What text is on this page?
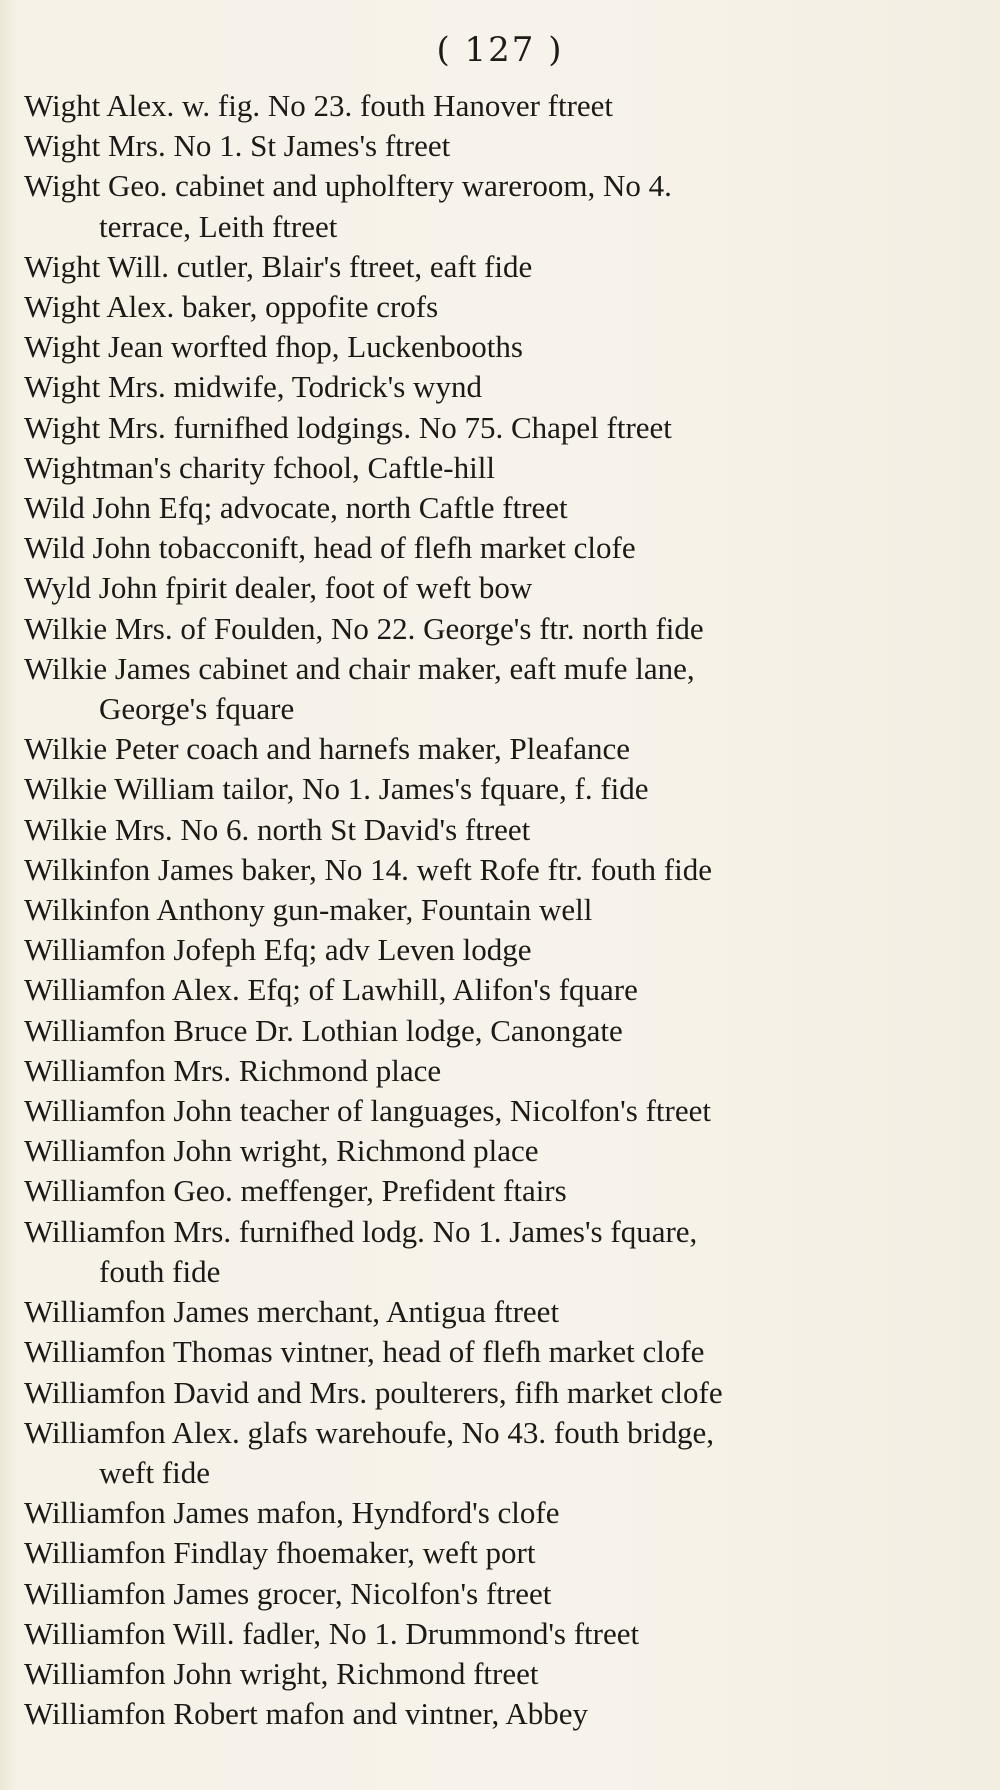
( 127 )
Wight Alex. w. fig. No 23. fouth Hanover ftreet
Wight Mrs. No 1. St James's ftreet
Wight Geo. cabinet and upholftery wareroom, No 4.
terrace, Leith ftreet
Wight Will. cutler, Blair's ftreet, eaft fide
Wight Alex. baker, oppofite crofs
Wight Jean worfted fhop, Luckenbooths
Wight Mrs. midwife, Todrick's wynd
Wight Mrs. furnifhed lodgings. No 75. Chapel ftreet
Wightman's charity fchool, Caftle-hill
Wild John Efq; advocate, north Caftle ftreet
Wild John tobacconift, head of flefh market clofe
Wyld John fpirit dealer, foot of weft bow
Wilkie Mrs. of Foulden, No 22. George's ftr. north fide
Wilkie James cabinet and chair maker, eaft mufe lane,
George's fquare
Wilkie Peter coach and harnefs maker, Pleafance
Wilkie William tailor, No 1. James's fquare, f. fide
Wilkie Mrs. No 6. north St David's ftreet
Wilkinfon James baker, No 14. weft Rofe ftr. fouth fide
Wilkinfon Anthony gun-maker, Fountain well
Williamfon Jofeph Efq; adv Leven lodge
Williamfon Alex. Efq; of Lawhill, Alifon's fquare
Williamfon Bruce Dr. Lothian lodge, Canongate
Williamfon Mrs. Richmond place
Williamfon John teacher of languages, Nicolfon's ftreet
Williamfon John wright, Richmond place
Williamfon Geo. meffenger, Prefident ftairs
Williamfon Mrs. furnifhed lodg. No 1. James's fquare,
fouth fide
Williamfon James merchant, Antigua ftreet
Williamfon Thomas vintner, head of flefh market clofe
Williamfon David and Mrs. poulterers, fifh market clofe
Williamfon Alex. glafs warehoufe, No 43. fouth bridge,
weft fide
Williamfon James mafon, Hyndford's clofe
Williamfon Findlay fhoemaker, weft port
Williamfon James grocer, Nicolfon's ftreet
Williamfon Will. fadler, No 1. Drummond's ftreet
Williamfon John wright, Richmond ftreet
Williamfon Robert mafon and vintner, Abbey
